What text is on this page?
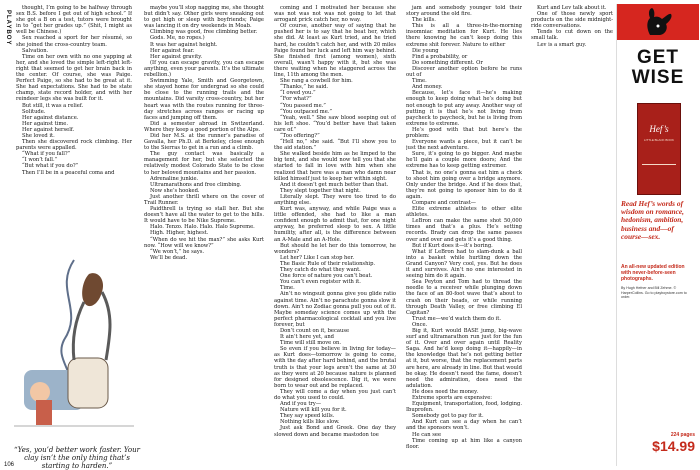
PLAYBOY

thought, I’m going to be halfway through sex B.S. before I get out of high school.” If she got a B on a test, tutors were brought in to “get her grades up.” (Shit, I might as well be Chinese.)

Sex reached a sport for her résumé, so she joined the cross-country team.

Salvation.

Time on her own with no one yapping at her, and she loved the simple left-right left-right that seemed to get her brain back in the center. Of course, she was Paige. Perfect Paige, so she had to be great at it. She had expectations. She had to be state champ, state record holder, and with her reindeer legs she was built for it.

But still, it was a relief.

Solitude.

Her against distance.

Her against time.

Her against herself.

She loved it.

Then she discovered rock climbing. Her parents were appalled.

“What if you fall?”

“I won’t fall.”

“But what if you do?”

Then I’ll be in a peaceful coma and

“Yes, you’d better work faster. Your clay isn’t the only thing that’s starting to harden.”

maybe you’ll stop nagging me, she thought but didn’t say. Other girls were sneaking out to get high or sleep with boyfriends; Paige was lancing it on dry weekends in Moab.

Climbing was good, free climbing better.

Gods. Me, no ropes.)

It was her against height.

Her against fear.

Her against gravity.

(If you can escape gravity, you can escape anything, even your parents. It’s the ultimate rebellion.)

Swimming Yale, Smith and Georgetown, she stayed home for undergrad so she could be close to the running trails and the mountains. Did varsity cross-country, but her heart was with the routes running for three-day stretches across ranges or racing up faces and jumping off them.

Did a semester abroad in Switzerland. Where they keep a good portion of the Alps.

Did her M.S. at the runner’s paradise of Gavalla, her Ph.D. at Berkeley, close enough to the Sierras to get in a run and a climb.

The guy contact was basically a management for her, but she selected the relatively modest Colorado State to be close to her beloved mountains and her passion.

Adrenaline junkie.

Ultramarathons and free climbing.

Now she’s hooked.

Just another thrill where on the cover of Trail Runner.

Paidthrell is trying so stall her. But she doesn’t have all the water to get to the hills. It would have to be Nike Supreme.

Halo. Tenzo. Halo. Halo. Halo Supreme.

High. Higher, highest.

“When do we hit the max?” she asks Kurt now. “How will we know?”

“We won’t,” he says.

We’ll be dead.

coming and I motivated her because she was not was not was not going to let that arrogant prick catch her, no way.

Of course, another way of saying that he pushed her is to say that he beat her, which she did. At least as Kurt tried, and he tried hard, he couldn’t catch her, and with 20 miles Paige found her luck and left him way behind. She finished first (among women), sixth overall, wasn’t happy with it, but she was there waiting when he staggered across the line, 11th among the men.

She rang a cowbell for him.

“Thanks,” he said.

“I owed you.”

“For what?”

“You passed me.”

“You outpaced me.”

“Yeah, well.” She saw blood seeping out of his left shoe. “You’d better have that taken care of.”

“Too offering?”

“Hell no,” she said. “But I’ll show you to the aid station.”

She walked beside him as he limped to the big tent, and she would now tell you that she started to fall in love with him when she realized that here was a man who damn near killed himself just to keep her within sight.

And it doesn’t get much better than that.

They slept together that night.

Literally slept. They were too tired to do anything else.

Kurt was, anyway, and while Paige was a little offended, she had to like a man confident enough to admit that, for one night anyway, he preferred sleep to sex. A little humility, after all, is the difference between an A-Male and an A-Hole.

But should he let her do this tomorrow, he wonders?

Let her? Like I can stop her.

The Basic Rule of their relationship.

They catch do what they want.

One force of nature you can’t beat.

You can’t even register with it.

Time.

Ain’t no wingsuit gonna give you glide ratio against time. Ain’t no parachute gonna slow it down. Ain’t no Zodiac gonna pull you out of it. Maybe someday science comes up with the perfect pharmacological cocktail and you live forever, but

Don’t count on it, because

It ain’t here yet, and

Time will still move on.

So even if you believe in living for today—as Kurt does—tomorrow is going to come, with the day after hard behind, and the brutal truth is that your legs aren’t the same at 30 as they were at 20 because nature is planned for designed obsolescence. Dig it, we were born to wear out and be replaced.

They will come a day when you just can’t do what you used to could.

And if you try—

Nature will kill you for it.

They say speed kills.

Nothing kills like slow.

Just ask Bond and Greek. One day they slowed down and became mastodon toe

jam and somebody younger told their story around the old fire.

The kills.

This is all a three-in-the-morning insomniac meditation for Kurt. He lies there knowing he can’t keep doing this extreme shit forever. Nature to either

Die young

Find a probability, or

Do something different. Or

Discover another option before he runs out of

Time.

And money.

Because, let’s face it—he’s making enough to keep doing what he’s doing but not enough to put any away. Another way of putting it is that he’s not living from paycheck to paycheck, but he is living from extreme to extreme.

He’s good with that but here’s the problem:

Everyone wants a piece, but it can’t be just the next adventure.

Sure, it’s going to go bigger. And maybe he’ll gain a couple more doors; And the extreme has to keep getting extremer.

That is, no one’s gonna eat him a check to shoot him going over a bridge anymore. Only under the bridge. And if he does that, they’re not going to sponsor him to do it again.

Compare and contrast—

Elite extreme athletes to other elite athletes.

LeBron can make the same shot 50,000 times and that’s a plus. He’s setting records. Brady can drop the same passes over and over and gets it’s a good thing.

But if Kurt does it—it’s boring.

What if LeBron had to slam-dunk a ball into a basket while hurtling down the Grand Canyon? Very cool, yes. But he does it and survives. Ain’t no one interested in seeing him do it again.

Sea Peyton and Tom had to thread the needle to a receiver while plunging down the face of an 80-foot wave that’s about to crash on their heads, or while running through Death Valley, or free climbing El Capitan?

Trust me—we’d watch them do it.

Once.

Big it, Kurt would BASE jump, big-wave surf and ultramarathon run just for the fun of it. Over and over again until Reality Saga. And he’d keep doing it—happily—in the knowledge that he’s not getting better at it, but worse, that the replacement parts are here, are already in line. But that would be okay. He doesn’t need the fame, doesn’t need the admiration, does need the adulation.

He does need the money.

Extreme sports are expensive:

Equipment, transportation, food, lodging. Ibuprofen.

Somebody got to pay for it.

And Kurt can see a day when he can’t and the sponsors won’t.

He can see

Time coming up at him like a canyon floor.

Kurt and Lev talk about it.

One of those newly sport products on the side midnight-ride conversations.

Tends to cut down on the small talk.

Lev is a smart guy.

GET WISE
Hef’s
LITTLE BLACK BOOK
Read Hef’s words of wisdom on romance, hedonism, ambition, business and—of course—sex.
An all-new updated edition with never-before-seen photographs.
By Hugh Hefner and Bill Zehme. © HarperCollins. Go to playboystore.com to order.
224 pages
$14.99
106
